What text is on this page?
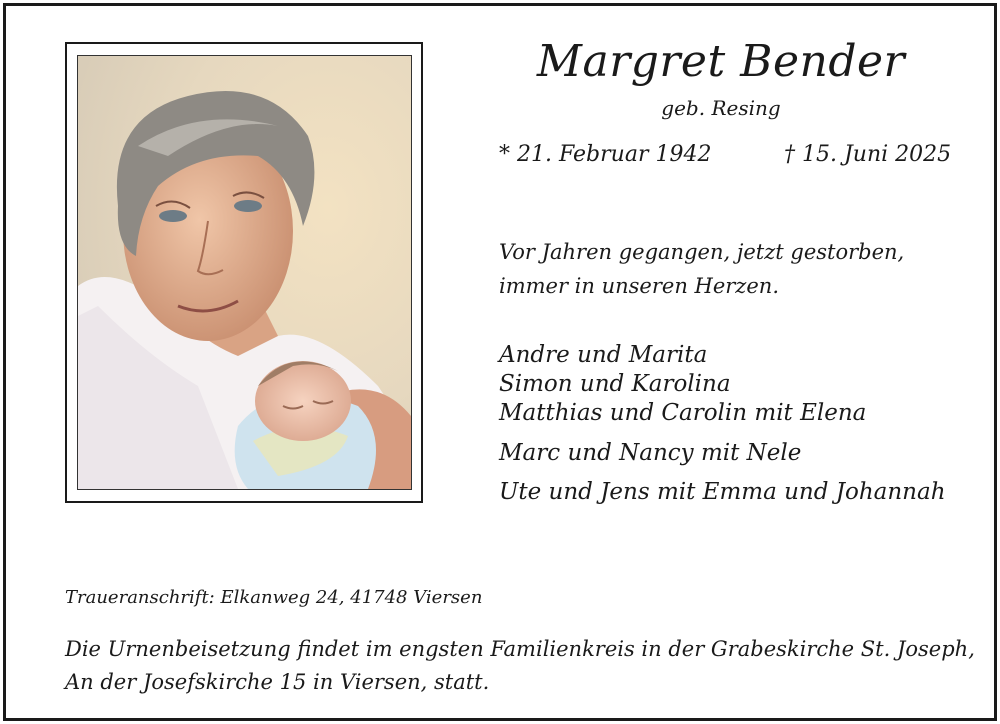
Margret Bender
geb. Resing
* 21. Februar 1942	† 15. Juni 2025
Vor Jahren gegangen, jetzt gestorben,
immer in unseren Herzen.
Andre und Marita
Simon und Karolina
Matthias und Carolin mit Elena
Marc und Nancy mit Nele
Ute und Jens mit Emma und Johannah
Traueranschrift: Elkanweg 24, 41748 Viersen
Die Urnenbeisetzung findet im engsten Familienkreis in der Grabeskirche St. Joseph,
An der Josefskirche 15 in Viersen, statt.
